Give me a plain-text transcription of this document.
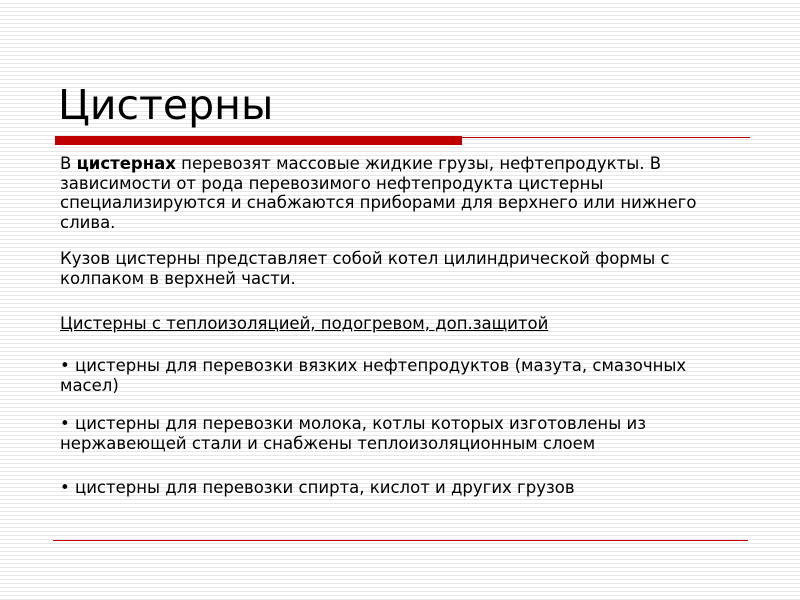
Цистерны

В цистернах перевозят массовые жидкие грузы, нефтепродукты. В зависимости от рода перевозимого нефтепродукта цистерны специализируются и снабжаются приборами для верхнего или нижнего слива.

Кузов цистерны представляет собой котел цилиндрической формы с колпаком в верхней части.

Цистерны с теплоизоляцией, подогревом, доп.защитой

• цистерны для перевозки вязких нефтепродуктов (мазута, смазочных масел)

• цистерны для перевозки молока, котлы которых изготовлены из нержавеющей стали и снабжены теплоизоляционным слоем

• цистерны для перевозки спирта, кислот и других грузов
